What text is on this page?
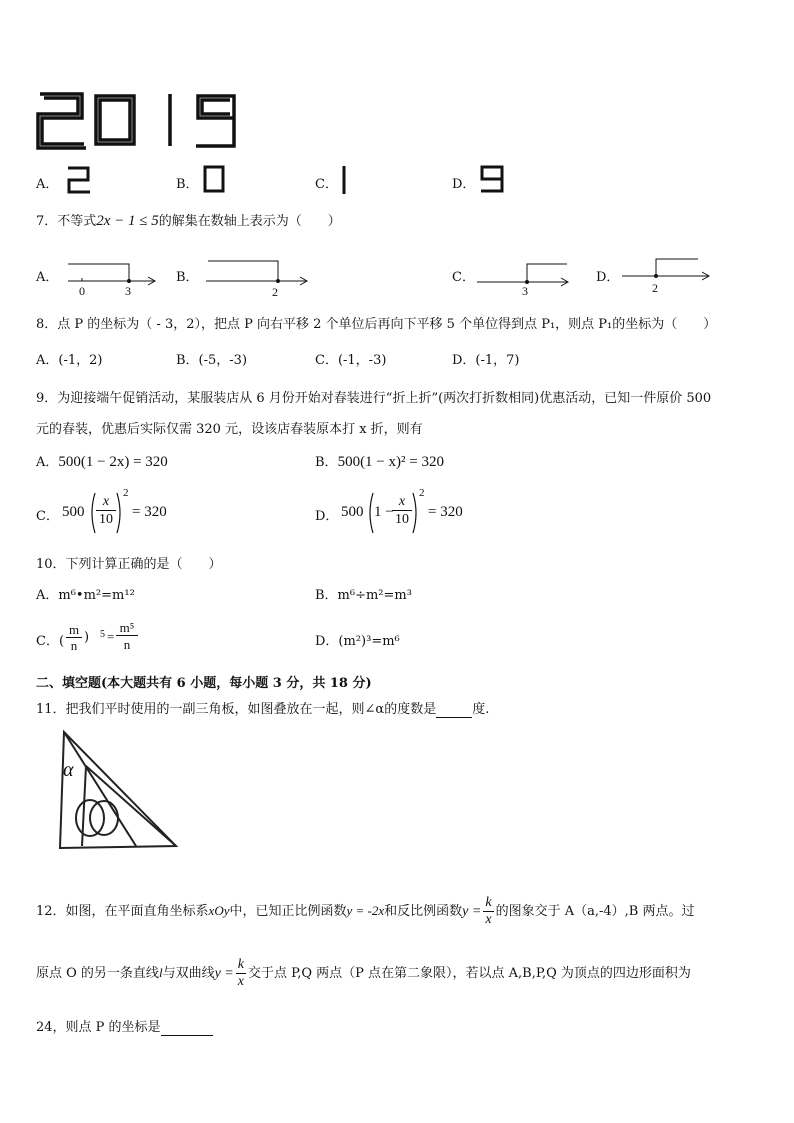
A．	B．	C．	D．
7．不等式2x − 1 ≤ 5的解集在数轴上表示为（　　）
A．
0	3
B．
2
C．
3
D．
2
8．点 P 的坐标为（ - 3，2），把点 P 向右平移 2 个单位后再向下平移 5 个单位得到点 P₁，则点 P₁的坐标为（　　）
A．(-1，2)	B．(-5，-3)	C．(-1，-3)	D．(-1，7)
9．为迎接端午促销活动，某服装店从 6 月份开始对春装进行“折上折”(两次打折数相同)优惠活动，已知一件原价 500
元的春装，优惠后实际仅需 320 元，设该店春装原本打 x 折，则有
A．500(1 − 2x) = 320	B．500(1 − x)² = 320
C． $500 \frac{x}{10} 2$
= 320	D． 500 1 −
$\frac{x}{10} 2$
= 320
10．下列计算正确的是（　　）
A．m⁶•m²=m¹²	B．m⁶÷m²=m³
C．( $\frac{m}{n}$ ) $5 = \frac{\text{m⁵}}{n}$	D．(m²)³=m⁶
二、填空题(本大题共有 6 小题，每小题 3 分，共 18 分)
11．把我们平时使用的一副三角板，如图叠放在一起，则∠α的度数是	度.
α
12．如图，在平面直角坐标系xOy中，已知正比例函数y = -2x和反比例函数$y = \frac{k}{x}$ 的图象交于 A（a,-4）,B 两点。过
原点 O 的另一条直线l与双曲线$y = \frac{k}{x}$ 交于点 P,Q 两点（P 点在第二象限），若以点 A,B,P,Q 为顶点的四边形面积为
24，则点 P 的坐标是
